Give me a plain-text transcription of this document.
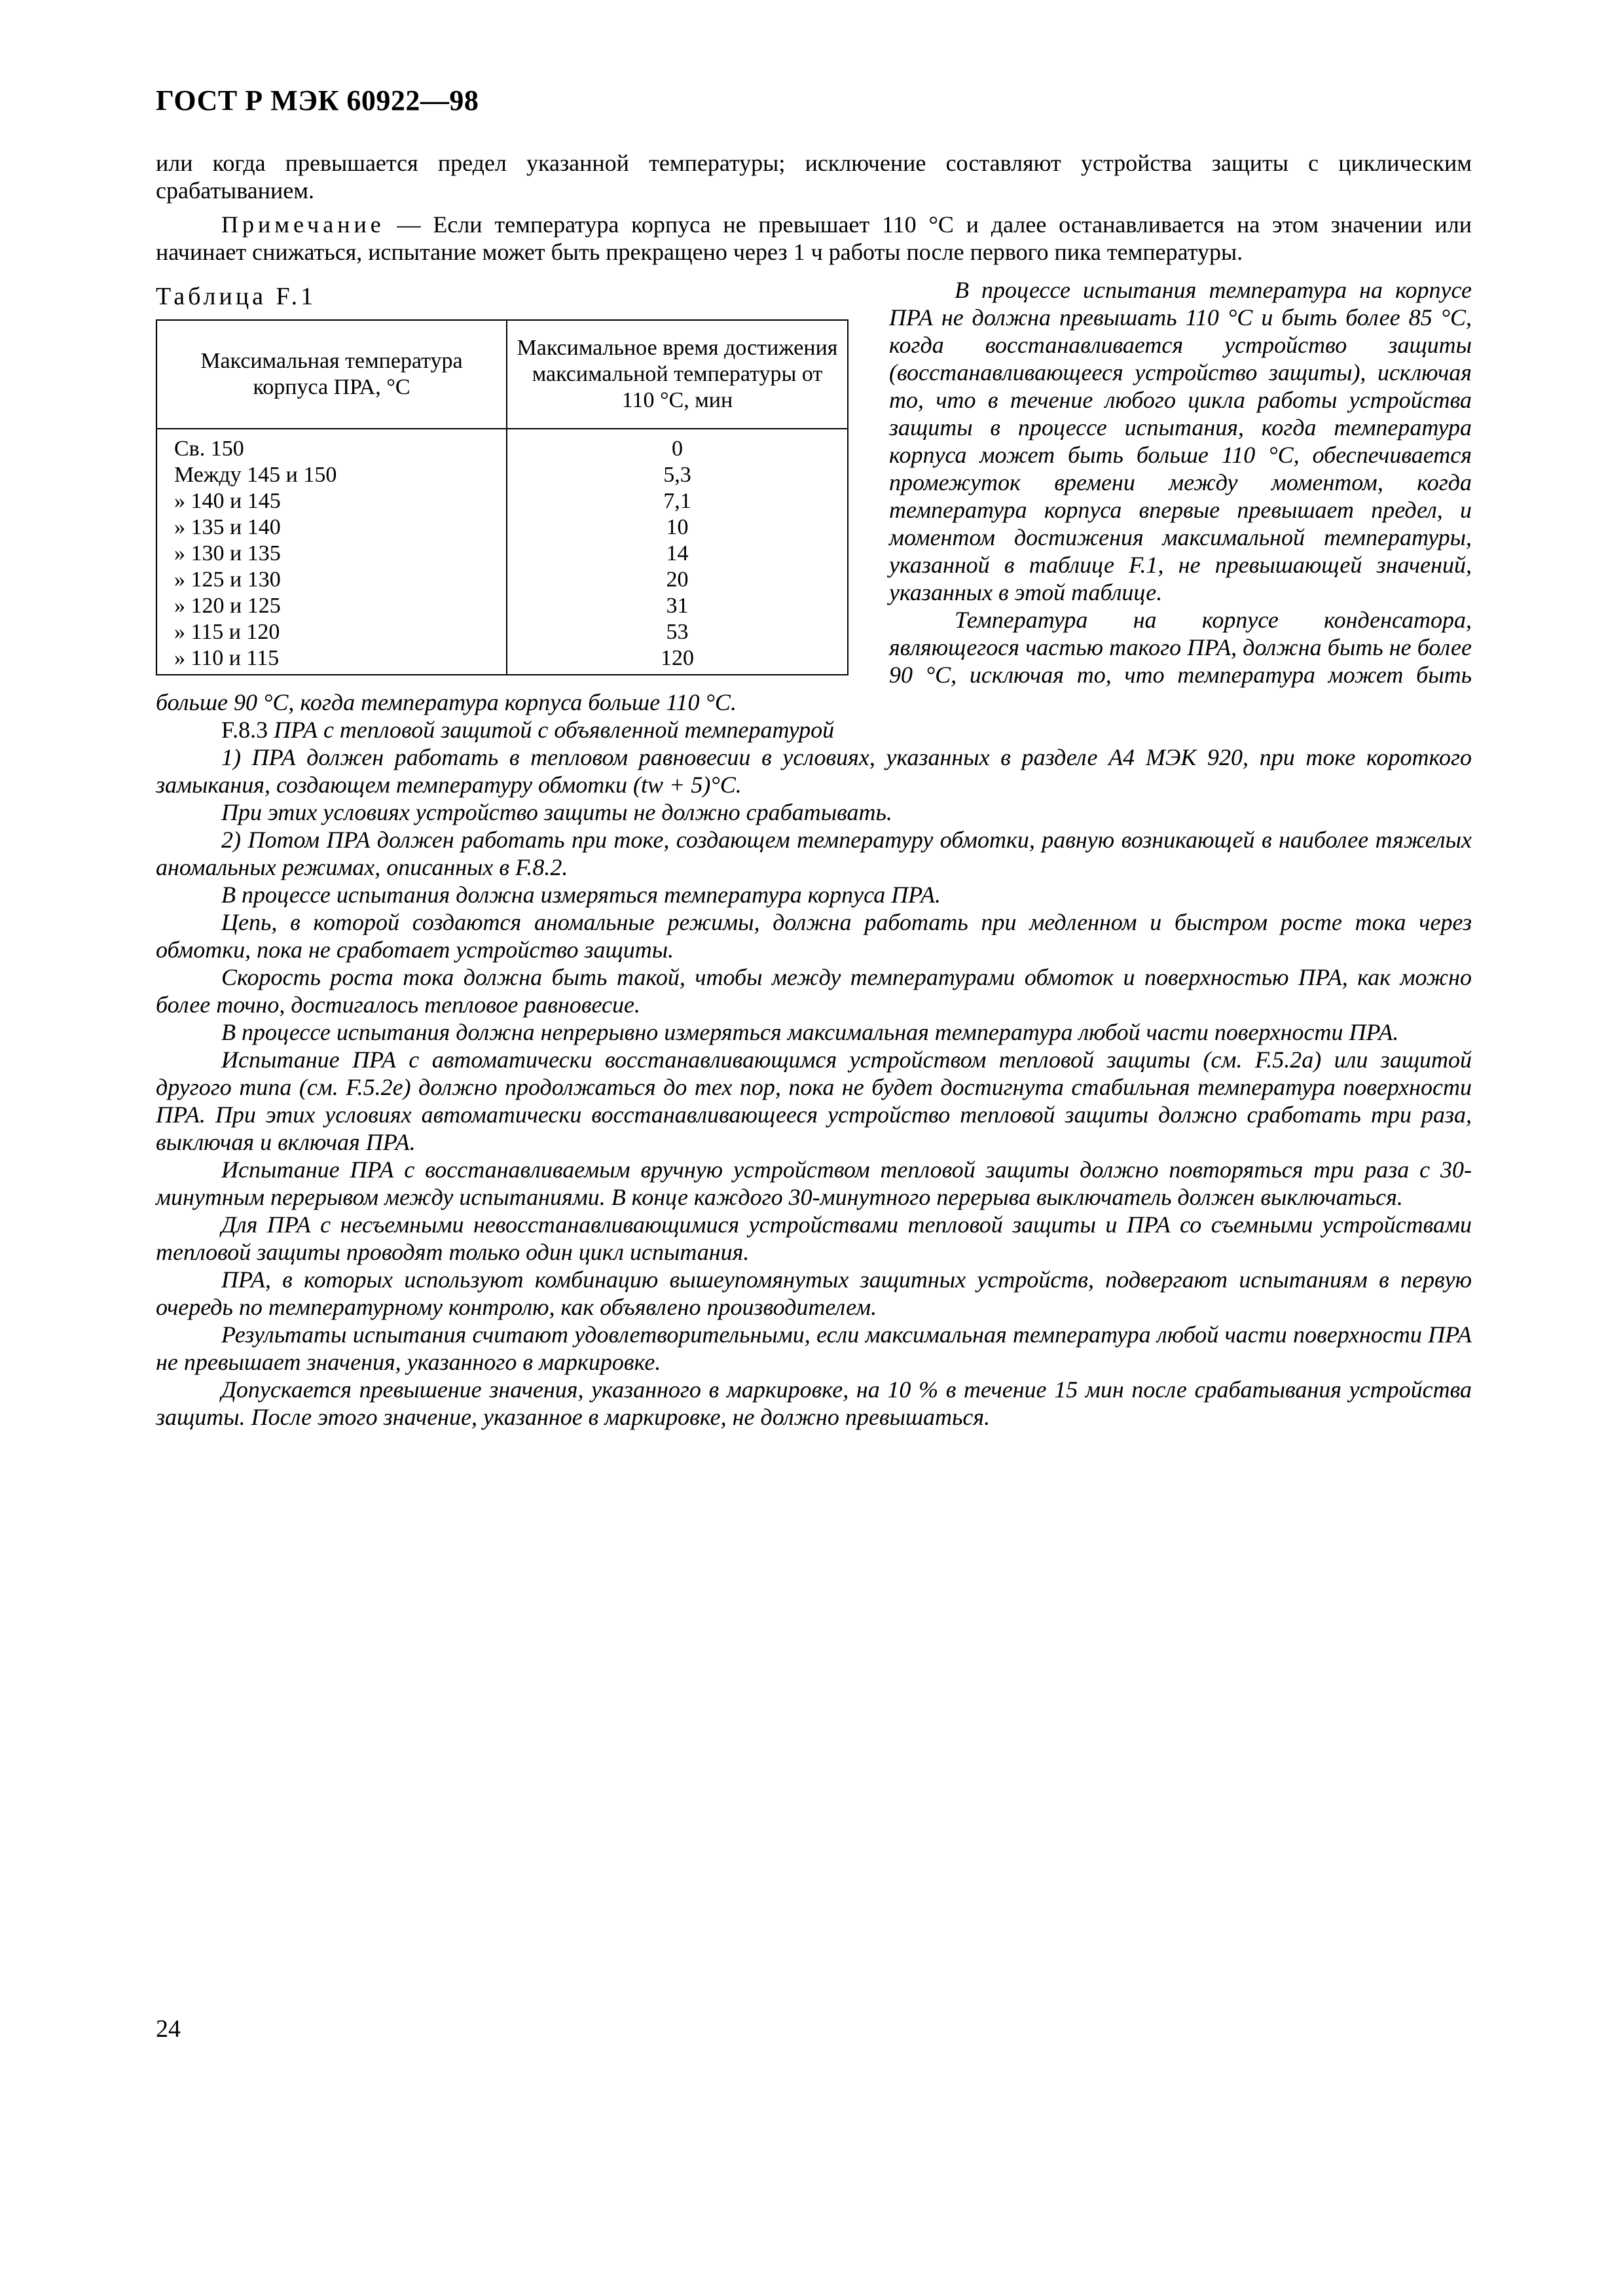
ГОСТ Р МЭК 60922—98

или когда превышается предел указанной температуры; исключение составляют устройства защиты с циклическим срабатыванием.

Примечание — Если температура корпуса не превышает 110 °С и далее останавливается на этом значении или начинает снижаться, испытание может быть прекращено через 1 ч работы после первого пика температуры.

Таблица F.1
Максимальная температура корпуса ПРА, °С	Максимальное время достижения максимальной температуры от 110 °С, мин
Св. 150	0
Между 145 и 150	5,3
» 140 и 145	7,1
» 135 и 140	10
» 130 и 135	14
» 125 и 130	20
» 120 и 125	31
» 115 и 120	53
» 110 и 115	120

В процессе испытания температура на корпусе ПРА не должна превышать 110 °С и быть более 85 °С, когда восстанавливается устройство защиты (восстанавливающееся устройство защиты), исключая то, что в течение любого цикла работы устройства защиты в процессе испытания, когда температура корпуса может быть больше 110 °С, обеспечивается промежуток времени между моментом, когда температура корпуса впервые превышает предел, и моментом достижения максимальной температуры, указанной в таблице F.1, не превышающей значений, указанных в этой таблице.

Температура на корпусе конденсатора, являющегося частью такого ПРА, должна быть не более 90 °С, исключая то, что температура может быть больше 90 °С, когда температура корпуса больше 110 °С.

F.8.3 ПРА с тепловой защитой с объявленной температурой

1) ПРА должен работать в тепловом равновесии в условиях, указанных в разделе А4 МЭК 920, при токе короткого замыкания, создающем температуру обмотки (tw + 5)°С.

При этих условиях устройство защиты не должно срабатывать.

2) Потом ПРА должен работать при токе, создающем температуру обмотки, равную возникающей в наиболее тяжелых аномальных режимах, описанных в F.8.2.

В процессе испытания должна измеряться температура корпуса ПРА.

Цепь, в которой создаются аномальные режимы, должна работать при медленном и быстром росте тока через обмотки, пока не сработает устройство защиты.

Скорость роста тока должна быть такой, чтобы между температурами обмоток и поверхностью ПРА, как можно более точно, достигалось тепловое равновесие.

В процессе испытания должна непрерывно измеряться максимальная температура любой части поверхности ПРА.

Испытание ПРА с автоматически восстанавливающимся устройством тепловой защиты (см. F.5.2a) или защитой другого типа (см. F.5.2e) должно продолжаться до тех пор, пока не будет достигнута стабильная температура поверхности ПРА. При этих условиях автоматически восстанавливающееся устройство тепловой защиты должно сработать три раза, выключая и включая ПРА.

Испытание ПРА с восстанавливаемым вручную устройством тепловой защиты должно повторяться три раза с 30-минутным перерывом между испытаниями. В конце каждого 30-минутного перерыва выключатель должен выключаться.

Для ПРА с несъемными невосстанавливающимися устройствами тепловой защиты и ПРА со съемными устройствами тепловой защиты проводят только один цикл испытания.

ПРА, в которых используют комбинацию вышеупомянутых защитных устройств, подвергают испытаниям в первую очередь по температурному контролю, как объявлено производителем.

Результаты испытания считают удовлетворительными, если максимальная температура любой части поверхности ПРА не превышает значения, указанного в маркировке.

Допускается превышение значения, указанного в маркировке, на 10 % в течение 15 мин после срабатывания устройства защиты. После этого значение, указанное в маркировке, не должно превышаться.

24
